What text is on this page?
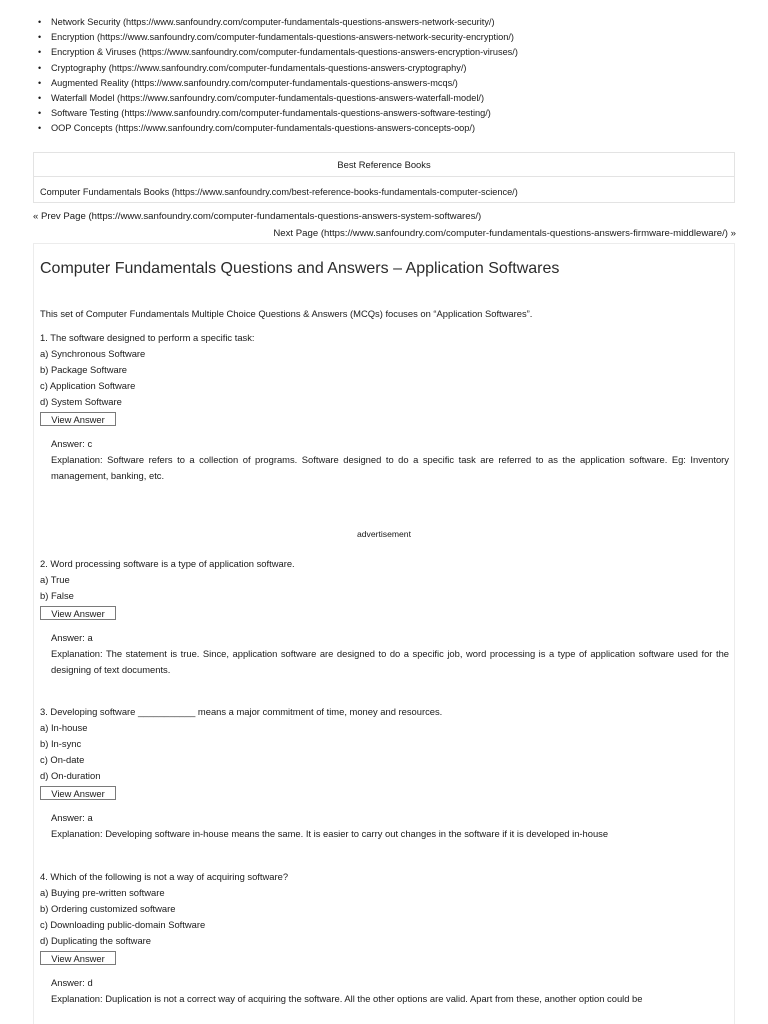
• Network Security (https://www.sanfoundry.com/computer-fundamentals-questions-answers-network-security/)
• Encryption (https://www.sanfoundry.com/computer-fundamentals-questions-answers-network-security-encryption/)
• Encryption & Viruses (https://www.sanfoundry.com/computer-fundamentals-questions-answers-encryption-viruses/)
• Cryptography (https://www.sanfoundry.com/computer-fundamentals-questions-answers-cryptography/)
• Augmented Reality (https://www.sanfoundry.com/computer-fundamentals-questions-answers-mcqs/)
• Waterfall Model (https://www.sanfoundry.com/computer-fundamentals-questions-answers-waterfall-model/)
• Software Testing (https://www.sanfoundry.com/computer-fundamentals-questions-answers-software-testing/)
• OOP Concepts (https://www.sanfoundry.com/computer-fundamentals-questions-answers-concepts-oop/)
Best Reference Books
Computer Fundamentals Books (https://www.sanfoundry.com/best-reference-books-fundamentals-computer-science/)
« Prev Page (https://www.sanfoundry.com/computer-fundamentals-questions-answers-system-softwares/)
Next Page (https://www.sanfoundry.com/computer-fundamentals-questions-answers-firmware-middleware/) »
Computer Fundamentals Questions and Answers – Application Softwares
This set of Computer Fundamentals Multiple Choice Questions & Answers (MCQs) focuses on “Application Softwares”.
1. The software designed to perform a specific task:
a) Synchronous Software
b) Package Software
c) Application Software
d) System Software
View Answer
Answer: c
Explanation: Software refers to a collection of programs. Software designed to do a specific task are referred to as the application software. Eg: Inventory management, banking, etc.
advertisement
2. Word processing software is a type of application software.
a) True
b) False
View Answer
Answer: a
Explanation: The statement is true. Since, application software are designed to do a specific job, word processing is a type of application software used for the designing of text documents.
3. Developing software ___________ means a major commitment of time, money and resources.
a) In-house
b) In-sync
c) On-date
d) On-duration
View Answer
Answer: a
Explanation: Developing software in-house means the same. It is easier to carry out changes in the software if it is developed in-house
4. Which of the following is not a way of acquiring software?
a) Buying pre-written software
b) Ordering customized software
c) Downloading public-domain Software
d) Duplicating the software
View Answer
Answer: d
Explanation: Duplication is not a correct way of acquiring the software. All the other options are valid. Apart from these, another option could be
